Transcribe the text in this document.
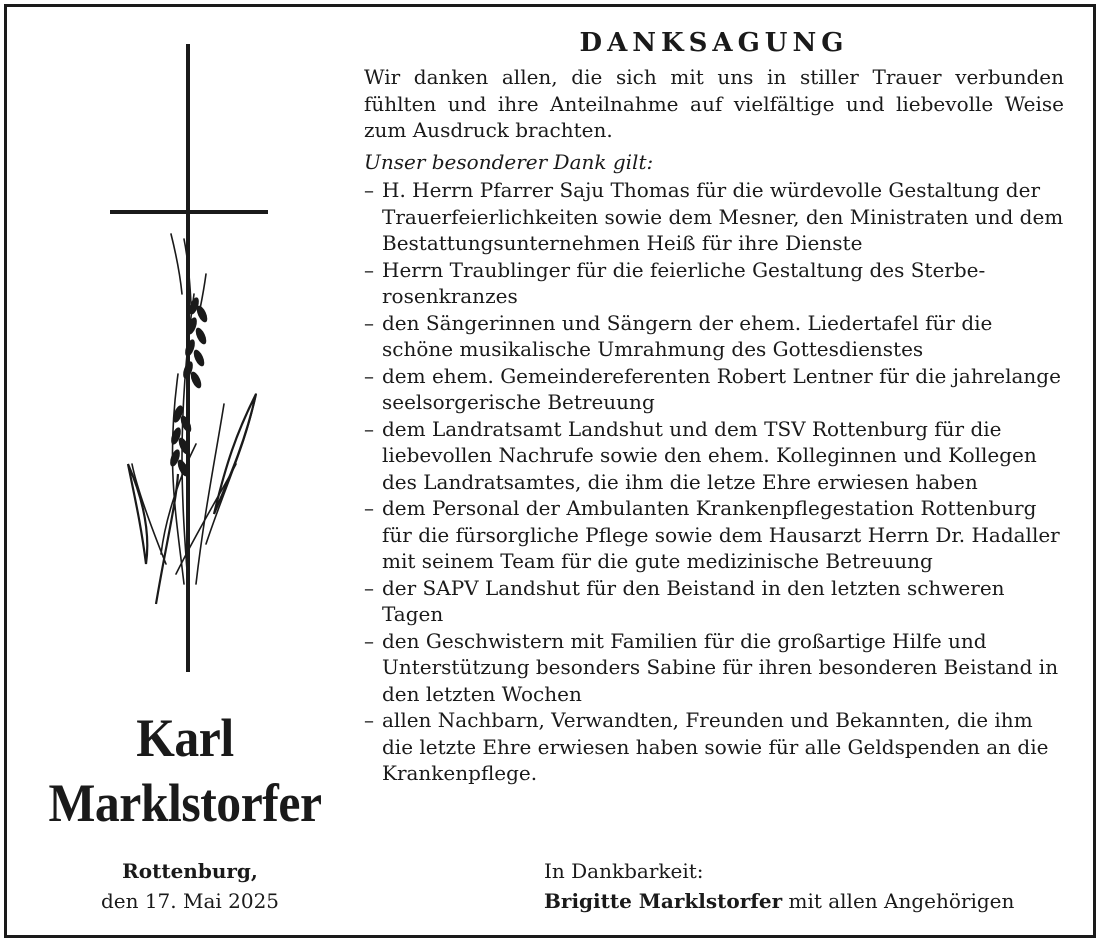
Karl
Marklstorfer
Rottenburg,
den 17. Mai 2025
DANKSAGUNG

Wir danken allen, die sich mit uns in stiller Trauer verbunden fühlten und ihre Anteilnahme auf vielfältige und liebevolle Weise zum Ausdruck brachten.

Unser besonderer Dank gilt:
– H. Herrn Pfarrer Saju Thomas für die würdevolle Gestaltung der Trauerfeierlichkeiten sowie dem Mesner, den Ministraten und dem Bestattungsunternehmen Heiß für ihre Dienste
– Herrn Traublinger für die feierliche Gestaltung des Sterberosenkranzes
– den Sängerinnen und Sängern der ehem. Liedertafel für die schöne musikalische Umrahmung des Gottesdienstes
– dem ehem. Gemeindereferenten Robert Lentner für die jahrelange seelsorgerische Betreuung
– dem Landratsamt Landshut und dem TSV Rottenburg für die liebevollen Nachrufe sowie den ehem. Kolleginnen und Kollegen des Landratsamtes, die ihm die letze Ehre erwiesen haben
– dem Personal der Ambulanten Krankenpflegestation Rottenburg für die fürsorgliche Pflege sowie dem Hausarzt Herrn Dr. Hadaller mit seinem Team für die gute medizinische Betreuung
– der SAPV Landshut für den Beistand in den letzten schweren Tagen
– den Geschwistern mit Familien für die großartige Hilfe und Unterstützung besonders Sabine für ihren besonderen Beistand in den letzten Wochen
– allen Nachbarn, Verwandten, Freunden und Bekannten, die ihm die letzte Ehre erwiesen haben sowie für alle Geldspenden an die Krankenpflege.
In Dankbarkeit:
Brigitte Marklstorfer mit allen Angehörigen
